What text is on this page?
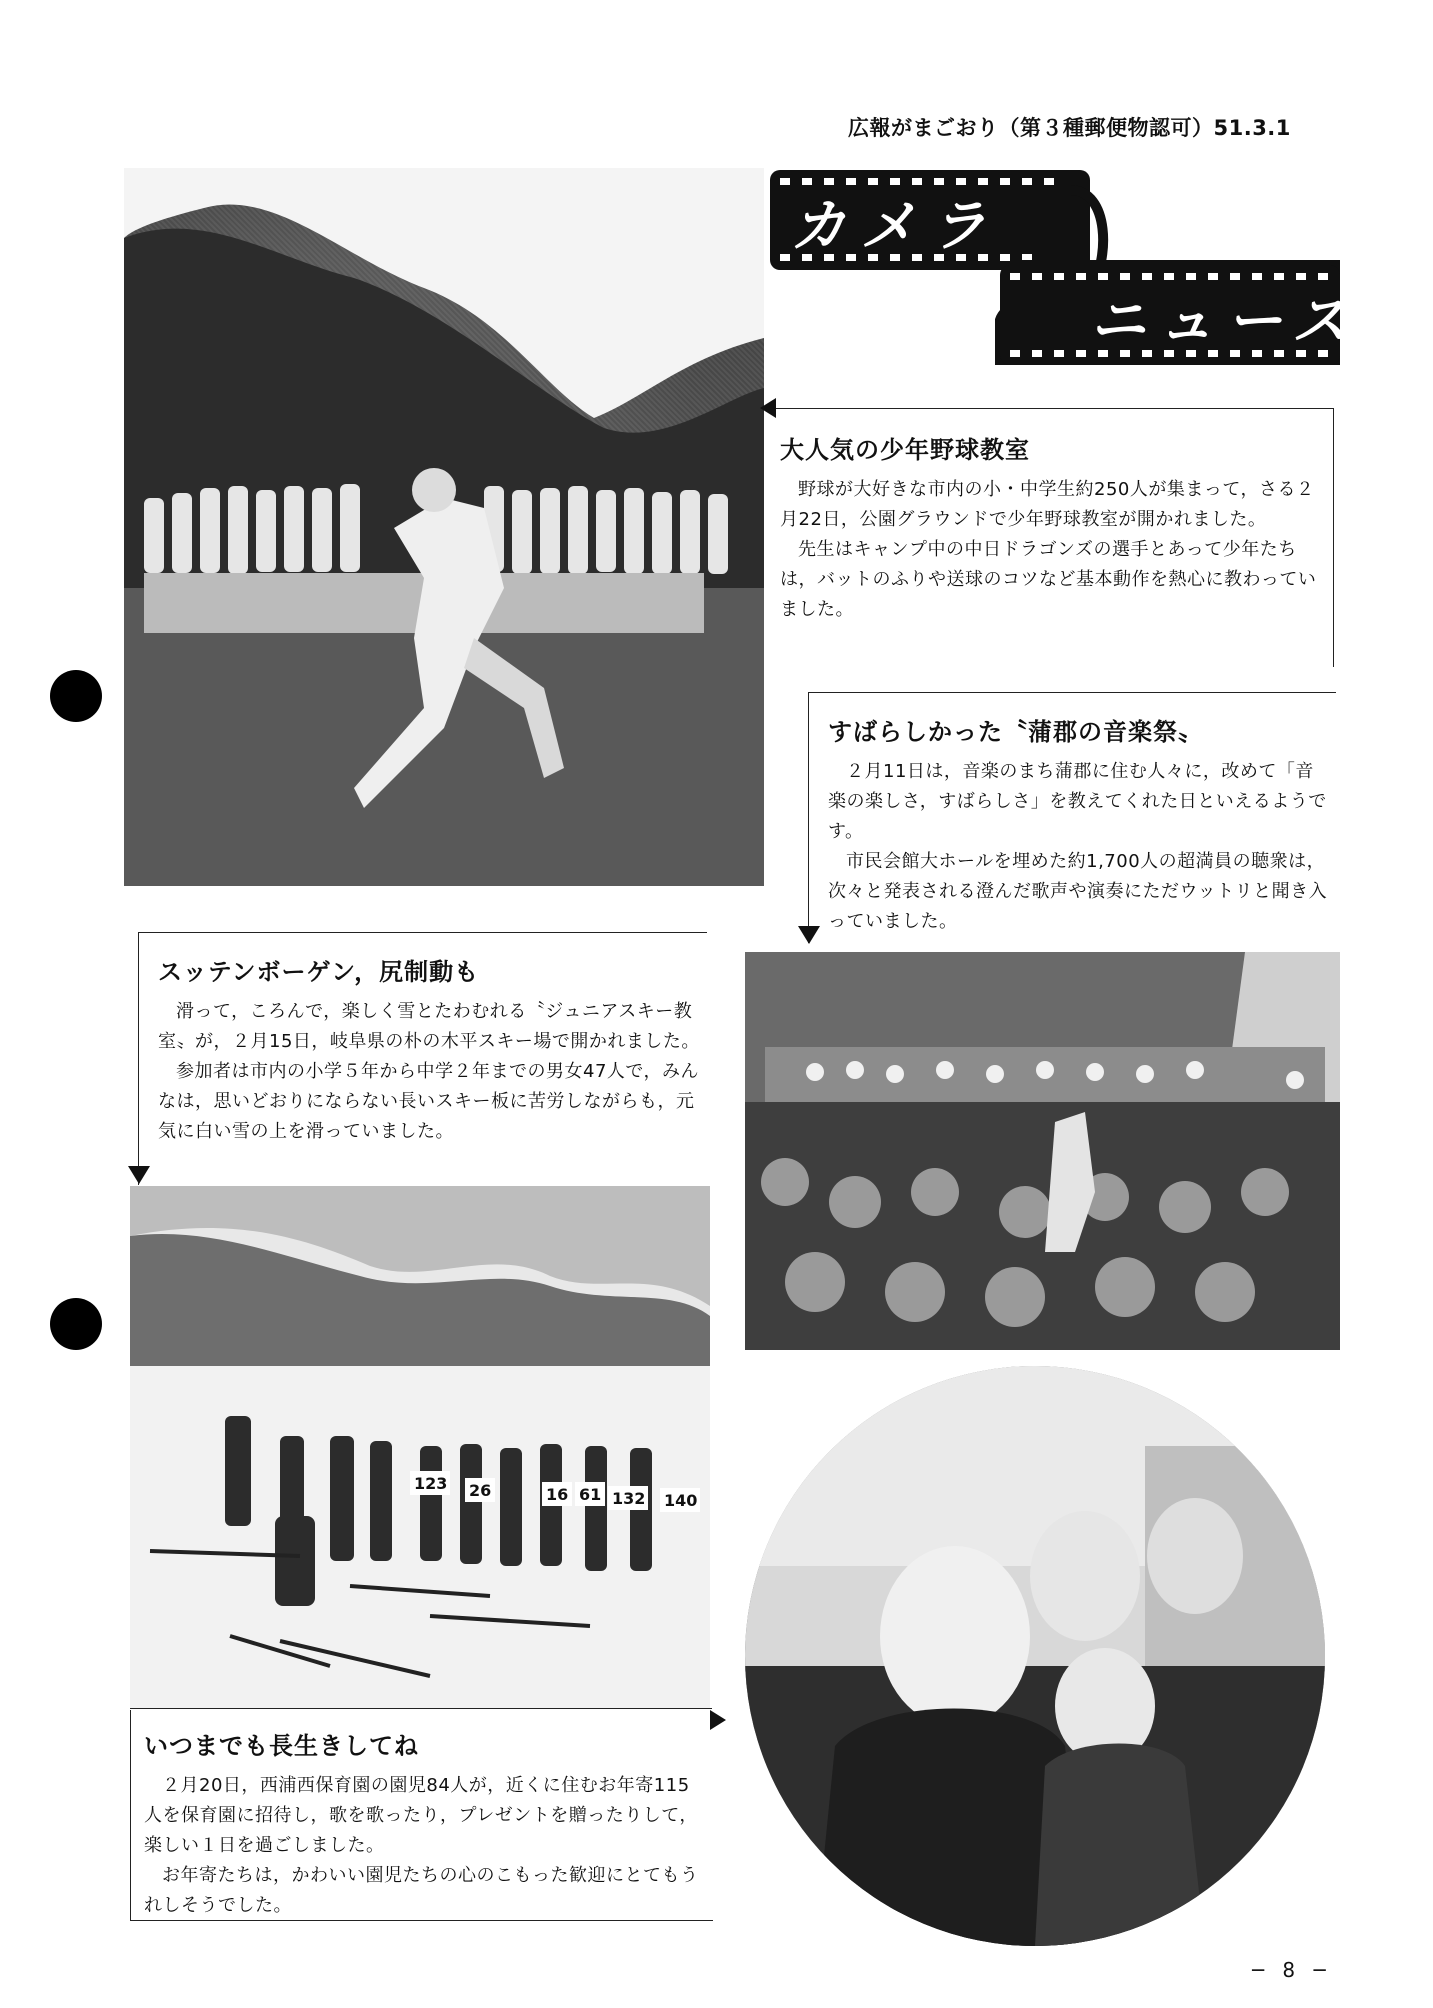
広報がまごおり（第３種郵便物認可）51.3.1
カメラ
ニュース
大人気の少年野球教室

野球が大好きな市内の小・中学生約250人が集まって，さる２月22日，公園グラウンドで少年野球教室が開かれました。

先生はキャンプ中の中日ドラゴンズの選手とあって少年たちは，バットのふりや送球のコツなど基本動作を熱心に教わっていました。

すばらしかった〝蒲郡の音楽祭〟

２月11日は，音楽のまち蒲郡に住む人々に，改めて「音楽の楽しさ，すばらしさ」を教えてくれた日といえるようです。

市民会館大ホールを埋めた約1,700人の超満員の聴衆は，次々と発表される澄んだ歌声や演奏にただウットリと聞き入っていました。

スッテンボーゲン，尻制動も

滑って，ころんで，楽しく雪とたわむれる〝ジュニアスキー教室〟が，２月15日，岐阜県の朴の木平スキー場で開かれました。

参加者は市内の小学５年から中学２年までの男女47人で，みんなは，思いどおりにならない長いスキー板に苦労しながらも，元気に白い雪の上を滑っていました。

123 26	16 61 132 140
いつまでも長生きしてね

２月20日，西浦西保育園の園児84人が，近くに住むお年寄115人を保育園に招待し，歌を歌ったり，プレゼントを贈ったりして，楽しい１日を過ごしました。

お年寄たちは，かわいい園児たちの心のこもった歓迎にとてもうれしそうでした。

─ 8 ─
